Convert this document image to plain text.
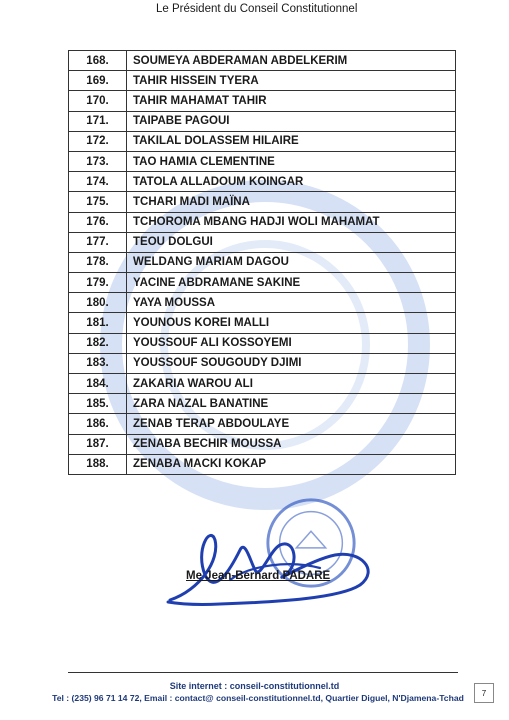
168.	SOUMEYA ABDERAMAN ABDELKERIM
169.	TAHIR HISSEIN TYERA
170.	TAHIR MAHAMAT TAHIR
171.	TAIPABE PAGOUI
172.	TAKILAL DOLASSEM HILAIRE
173.	TAO HAMIA CLEMENTINE
174.	TATOLA ALLADOUM KOINGAR
175.	TCHARI MADI MAÏNA
176.	TCHOROMA MBANG HADJI WOLI MAHAMAT
177.	TEOU DOLGUI
178.	WELDANG MARIAM DAGOU
179.	YACINE ABDRAMANE SAKINE
180.	YAYA MOUSSA
181.	YOUNOUS KOREI MALLI
182.	YOUSSOUF ALI KOSSOYEMI
183.	YOUSSOUF SOUGOUDY DJIMI
184.	ZAKARIA WAROU ALI
185.	ZARA NAZAL BANATINE
186.	ZENAB TERAP ABDOULAYE
187.	ZENABA BECHIR MOUSSA
188.	ZENABA MACKI KOKAP
Le Président du Conseil Constitutionnel
Me Jean-Bernard PADARE
Site internet : conseil-constitutionnel.td
Tel : (235) 96 71 14 72, Email : contact@ conseil-constitutionnel.td, Quartier Diguel, N'Djamena-Tchad	7
